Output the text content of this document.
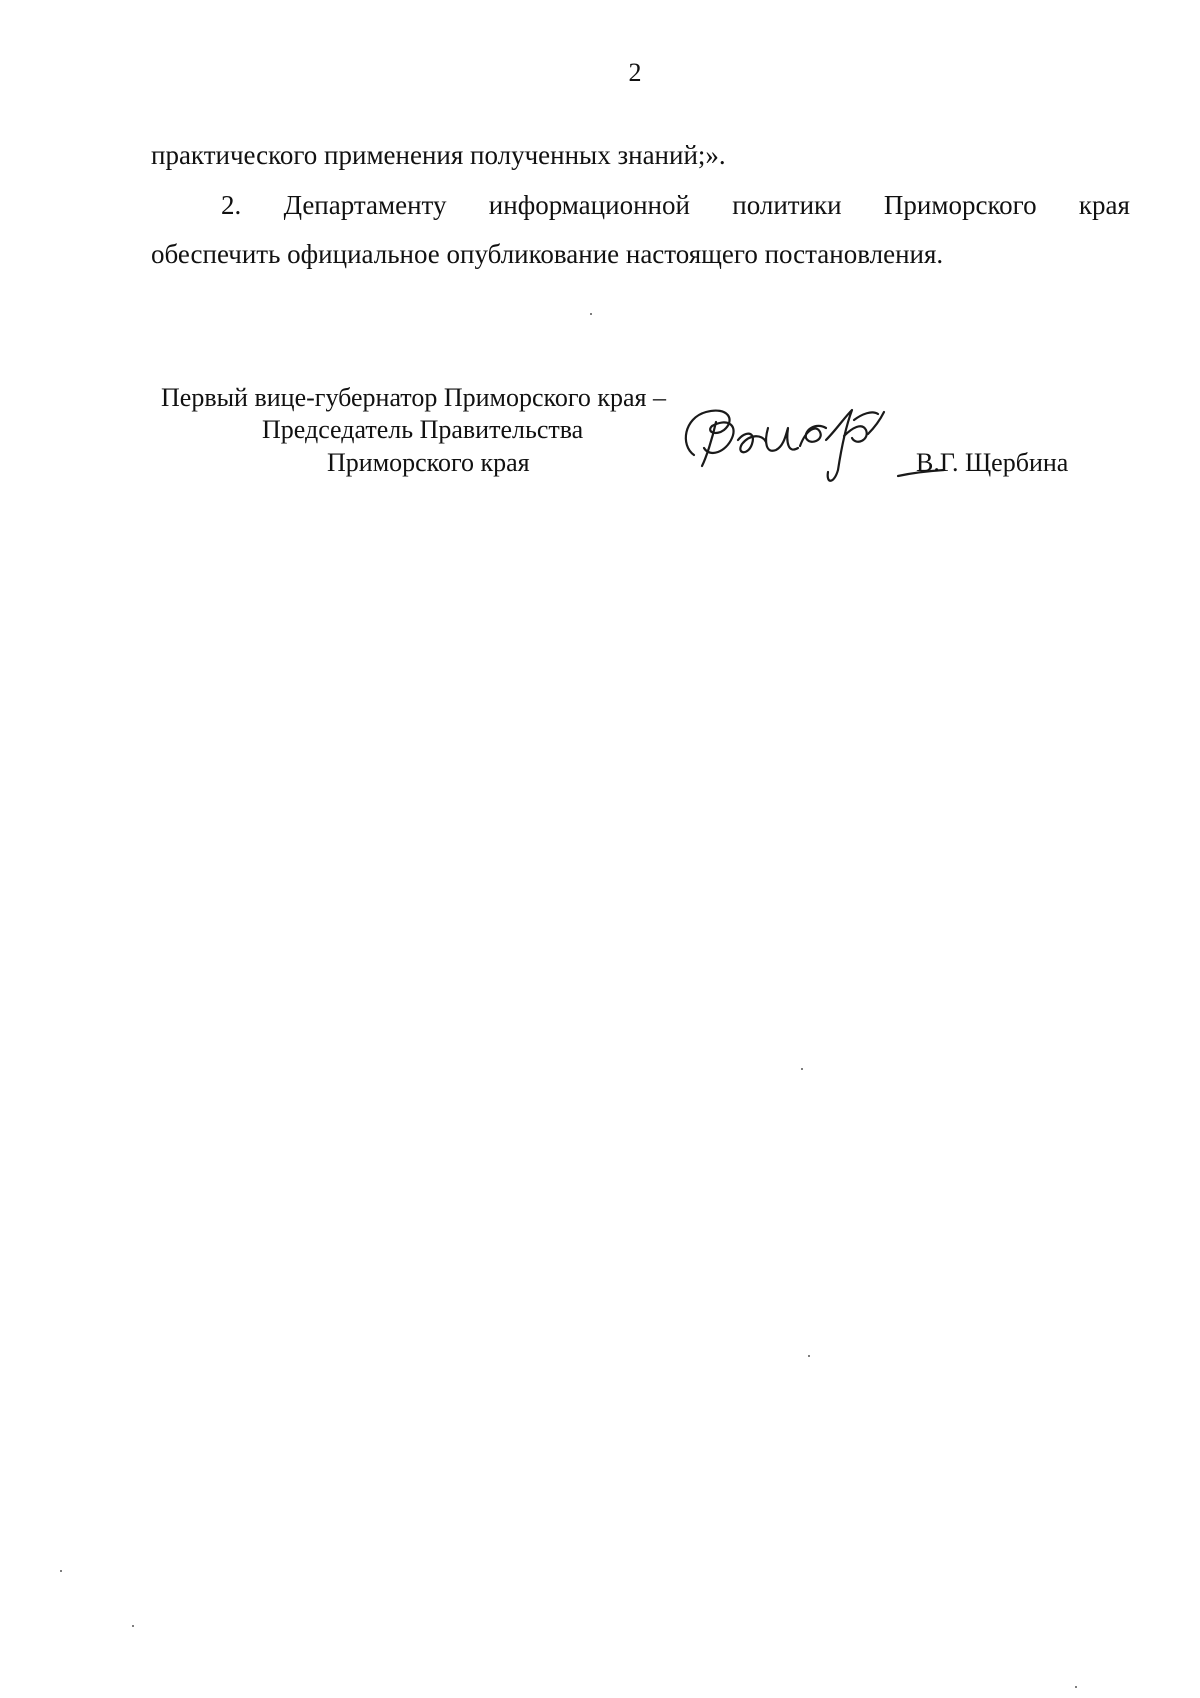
2
практического применения полученных знаний;».
2. Департаменту информационной политики Приморского края
обеспечить официальное опубликование настоящего постановления.
Первый вице-губернатор Приморского края –
Председатель Правительства
Приморского края	В.Г. Щербина
